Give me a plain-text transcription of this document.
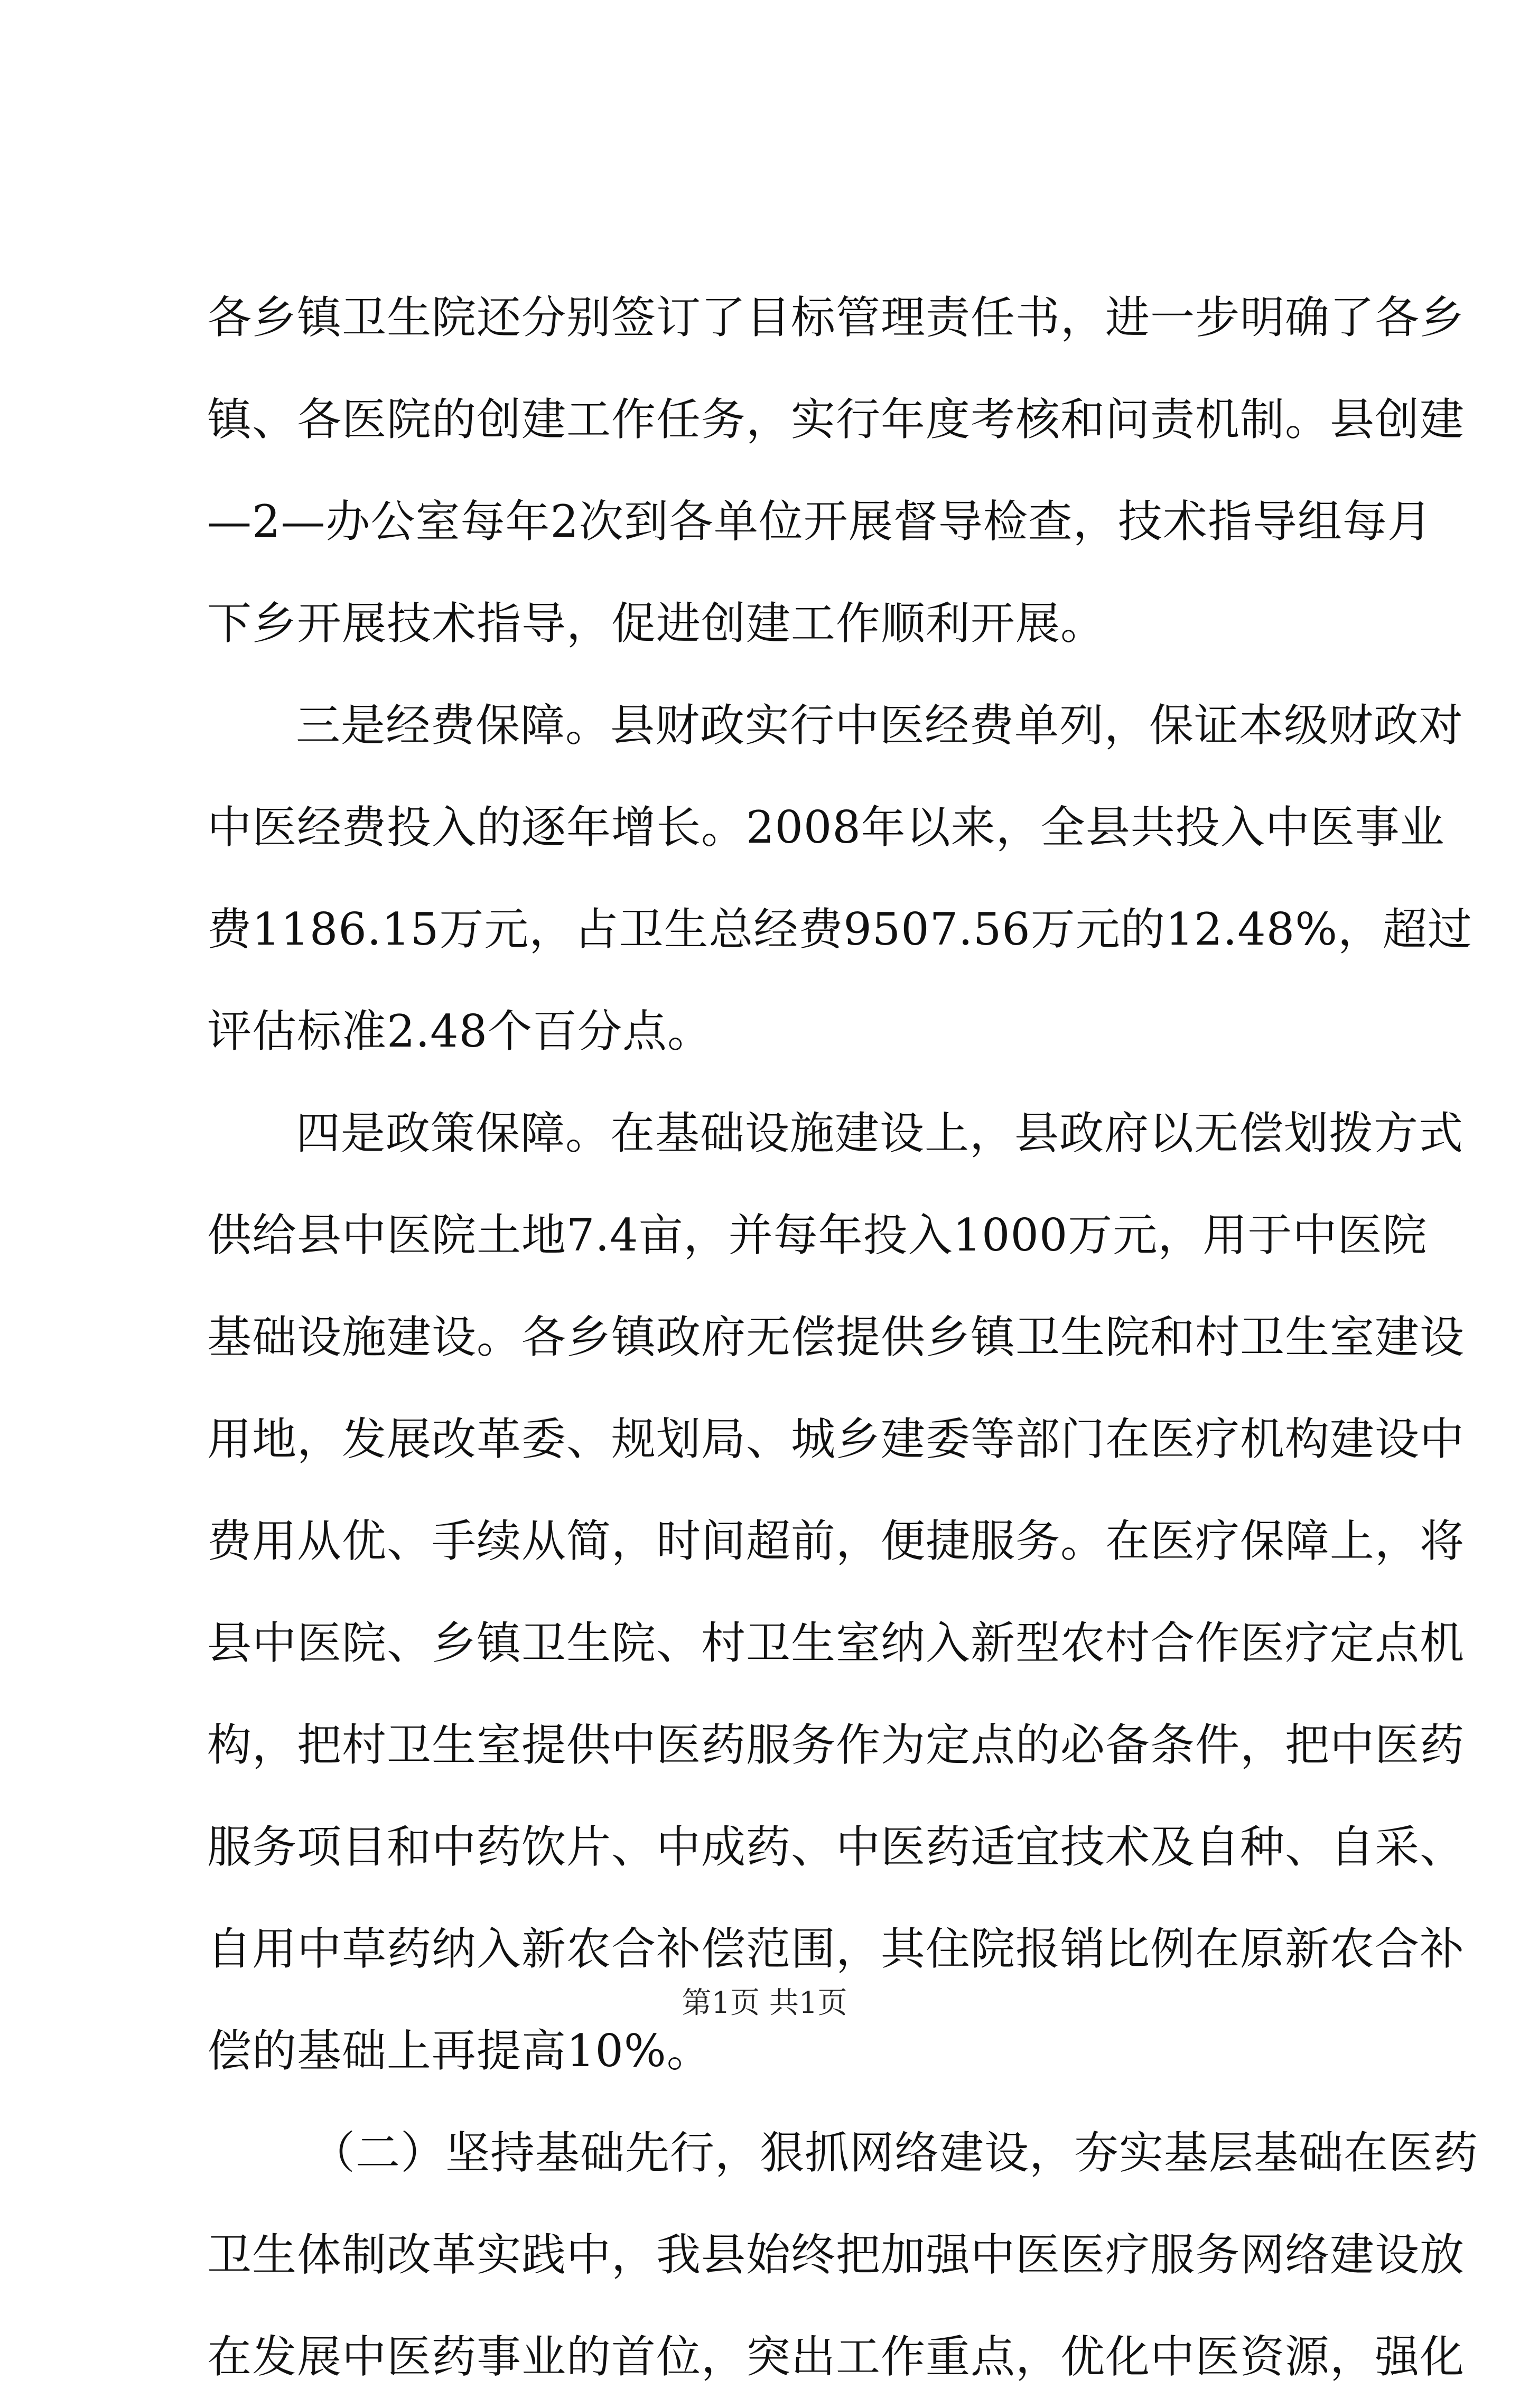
各乡镇卫生院还分别签订了目标管理责任书，进一步明确了各乡
镇、各医院的创建工作任务，实行年度考核和问责机制。县创建
—2—办公室每年2次到各单位开展督导检查，技术指导组每月
下乡开展技术指导，促进创建工作顺利开展。
三是经费保障。县财政实行中医经费单列，保证本级财政对
中医经费投入的逐年增长。2008年以来，全县共投入中医事业
费1186.15万元，占卫生总经费9507.56万元的12.48%，超过
评估标准2.48个百分点。
四是政策保障。在基础设施建设上，县政府以无偿划拨方式
供给县中医院土地7.4亩，并每年投入1000万元，用于中医院
基础设施建设。各乡镇政府无偿提供乡镇卫生院和村卫生室建设
用地，发展改革委、规划局、城乡建委等部门在医疗机构建设中
费用从优、手续从简，时间超前，便捷服务。在医疗保障上，将
县中医院、乡镇卫生院、村卫生室纳入新型农村合作医疗定点机
构，把村卫生室提供中医药服务作为定点的必备条件，把中医药
服务项目和中药饮片、中成药、中医药适宜技术及自种、自采、
自用中草药纳入新农合补偿范围，其住院报销比例在原新农合补
偿的基础上再提高10%。
（二）坚持基础先行，狠抓网络建设，夯实基层基础在医药
卫生体制改革实践中，我县始终把加强中医医疗服务网络建设放
在发展中医药事业的首位，突出工作重点，优化中医资源，强化
第1页 共1页
